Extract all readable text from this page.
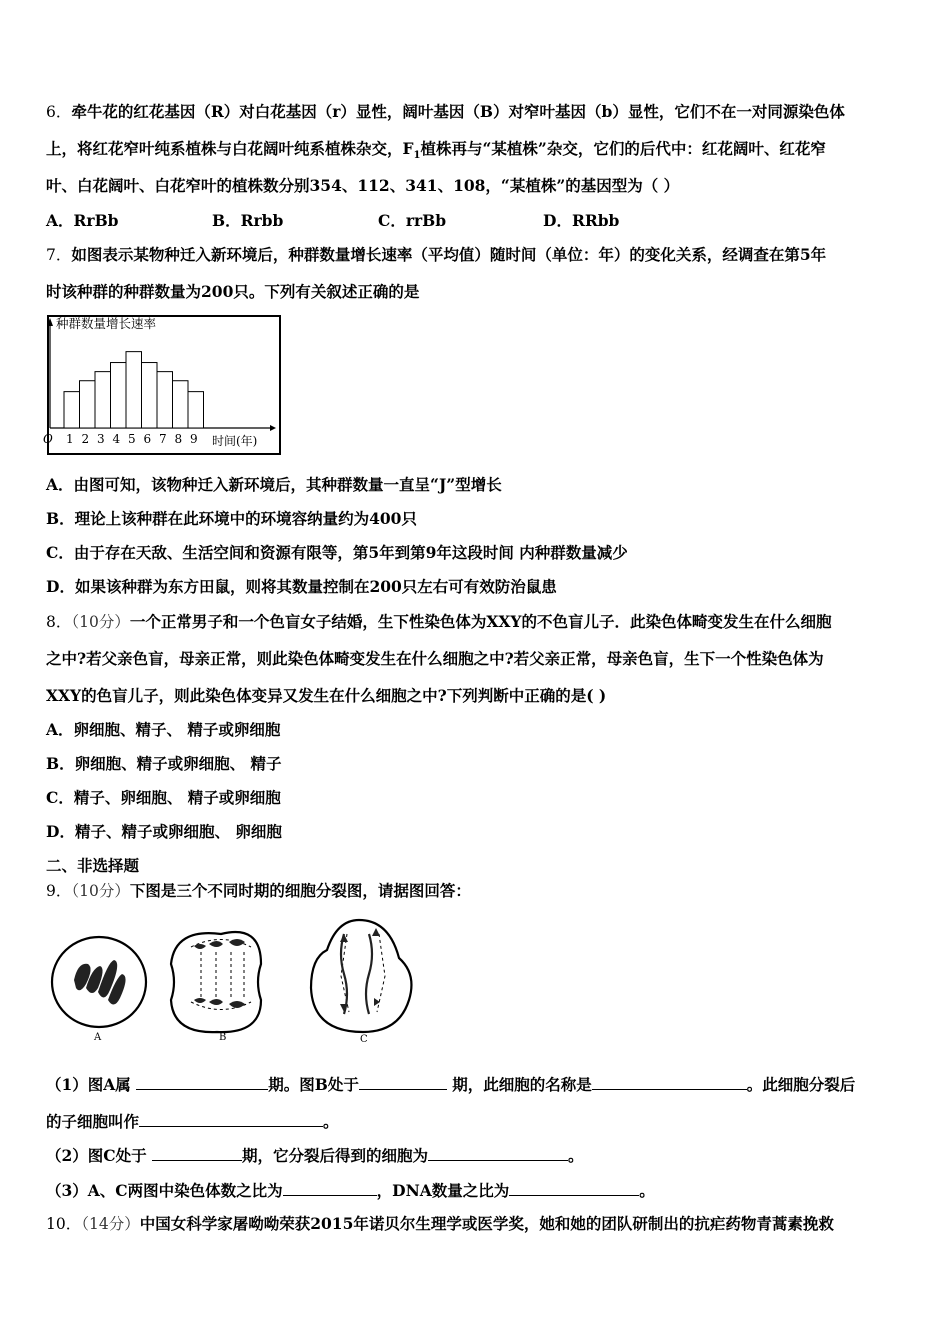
6．牵牛花的红花基因（R）对白花基因（r）显性，阔叶基因（B）对窄叶基因（b）显性，它们不在一对同源染色体
上，将红花窄叶纯系植株与白花阔叶纯系植株杂交，$F_1$植株再与“某植株”杂交，它们的后代中：红花阔叶、红花窄
叶、白花阔叶、白花窄叶的植株数分别354、112、341、108，“某植株”的基因型为（ ）
A．RrBb	B．Rrbb	C．rrBb	D．RRbb
7．如图表示某物种迁入新环境后，种群数量增长速率（平均值）随时间（单位：年）的变化关系，经调查在第5年
时该种群的种群数量为200只。下列有关叙述正确的是
种群数量增长速率
O	时间(年)
1 2 3 4 5 6 7 8 9
A．由图可知，该物种迁入新环境后，其种群数量一直呈“J”型增长
B．理论上该种群在此环境中的环境容纳量约为400只
C．由于存在天敌、生活空间和资源有限等，第5年到第9年这段时间 内种群数量减少
D．如果该种群为东方田鼠，则将其数量控制在200只左右可有效防治鼠患
8．（10分）一个正常男子和一个色盲女子结婚，生下性染色体为XXY的不色盲儿子．此染色体畸变发生在什么细胞
之中?若父亲色盲，母亲正常，则此染色体畸变发生在什么细胞之中?若父亲正常，母亲色盲，生下一个性染色体为
XXY的色盲儿子，则此染色体变异又发生在什么细胞之中?下列判断中正确的是( )
A．卵细胞、精子、 精子或卵细胞
B．卵细胞、精子或卵细胞、 精子
C．精子、卵细胞、 精子或卵细胞
D．精子、精子或卵细胞、 卵细胞
二、非选择题
9．（10分）下图是三个不同时期的细胞分裂图，请据图回答：
A	B	C
（1）图A属	期。图B处于	期，此细胞的名称是	。此细胞分裂后
的子细胞叫作	。
（2）图C处于	期，它分裂后得到的细胞为	。
（3）A、C两图中染色体数之比为	，DNA数量之比为	。
10．（14分）中国女科学家屠呦呦荣获2015年诺贝尔生理学或医学奖，她和她的团队研制出的抗疟药物青蒿素挽救
